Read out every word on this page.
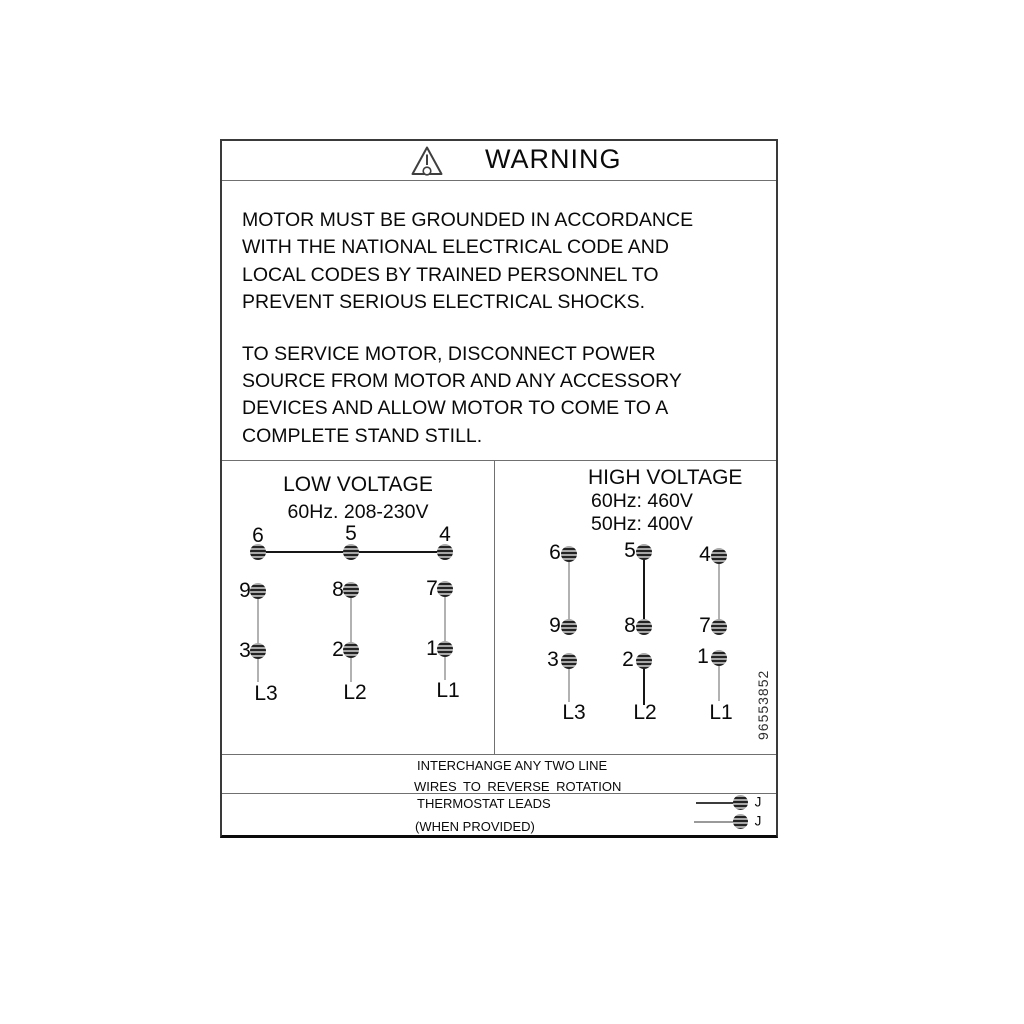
WARNING
MOTOR MUST BE GROUNDED IN ACCORDANCE
WITH THE NATIONAL ELECTRICAL CODE AND
LOCAL CODES BY TRAINED PERSONNEL TO
PREVENT SERIOUS ELECTRICAL SHOCKS.
TO SERVICE MOTOR, DISCONNECT POWER
SOURCE FROM MOTOR AND ANY ACCESSORY
DEVICES AND ALLOW MOTOR TO COME TO A
COMPLETE STAND STILL.
LOW VOLTAGE
60Hz. 208-230V
6	5	4
9	8	7
3	2	1
L3	L2	L1
HIGH VOLTAGE
60Hz: 460V
50Hz: 400V
6	5	4
9	8	7
3	2	1
L3 L2	L1 96553852
INTERCHANGE ANY TWO LINE
WIRES TO REVERSE ROTATION
THERMOSTAT LEADS
(WHEN PROVIDED)
J
J
